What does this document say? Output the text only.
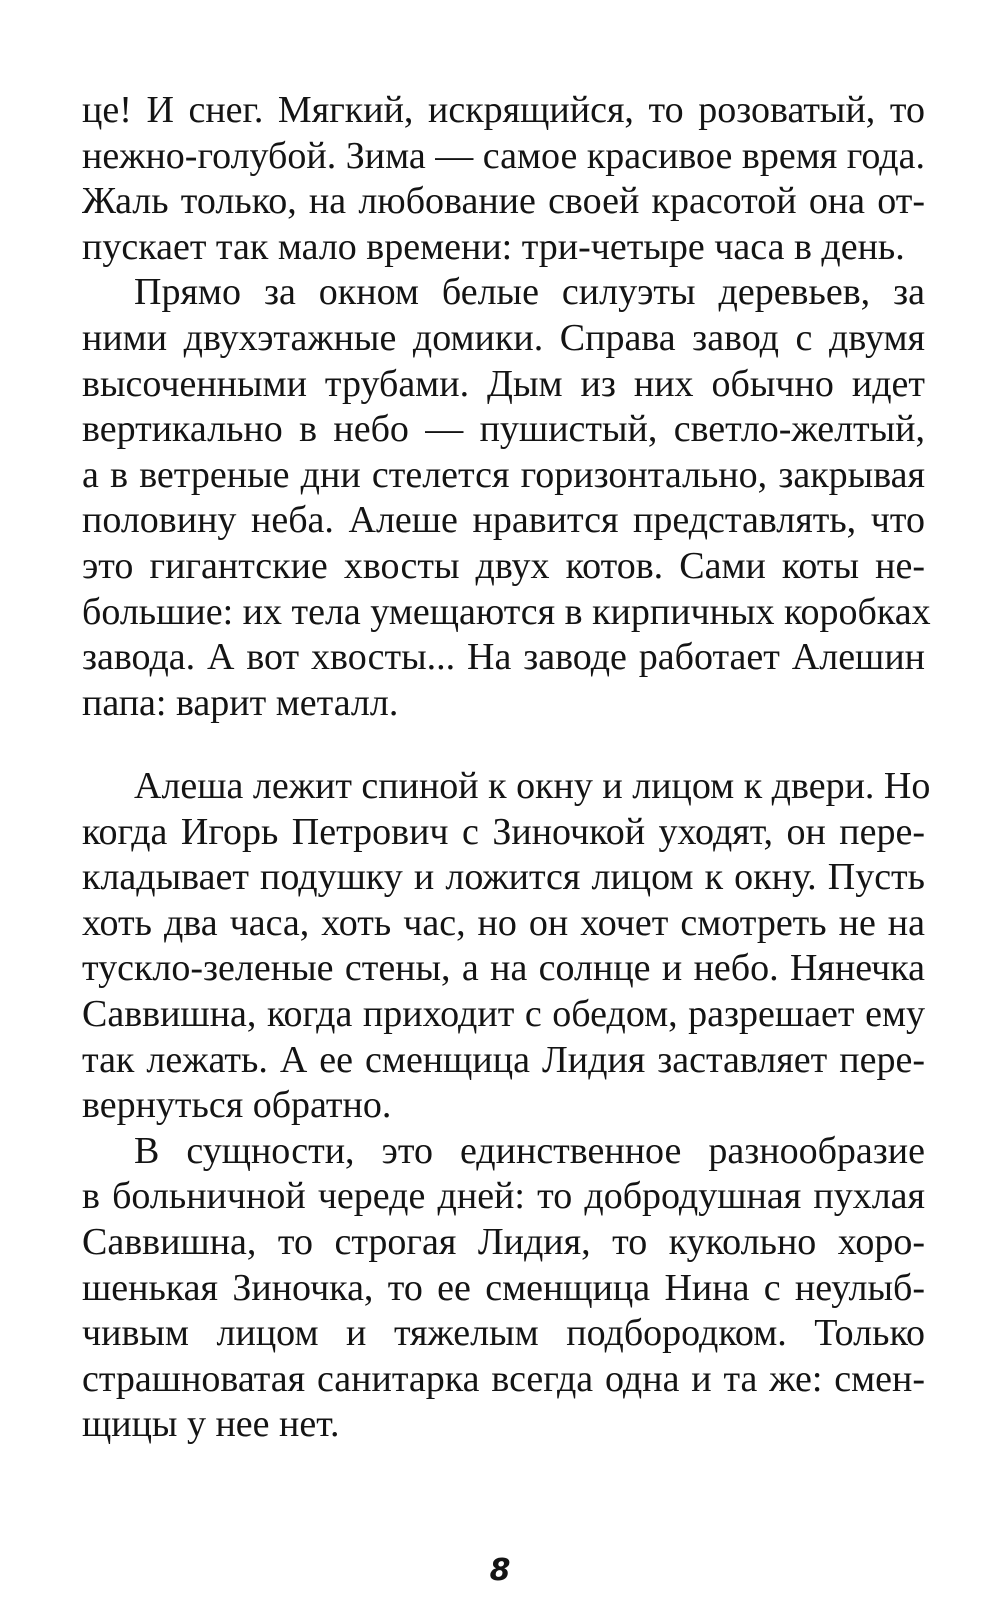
це! И снег. Мягкий, искрящийся, то розоватый, то
нежно-голубой. Зима — самое красивое время года.
Жаль только, на любование своей красотой она от-
пускает так мало времени: три-четыре часа в день.
Прямо за окном белые силуэты деревьев, за
ними двухэтажные домики. Справа завод с двумя
высоченными трубами. Дым из них обычно идет
вертикально в небо — пушистый, светло-желтый,
а в ветреные дни стелется горизонтально, закрывая
половину неба. Алеше нравится представлять, что
это гигантские хвосты двух котов. Сами коты не-
большие: их тела умещаются в кирпичных коробках
завода. А вот хвосты... На заводе работает Алешин
папа: варит металл.
Алеша лежит спиной к окну и лицом к двери. Но
когда Игорь Петрович с Зиночкой уходят, он пере-
кладывает подушку и ложится лицом к окну. Пусть
хоть два часа, хоть час, но он хочет смотреть не на
тускло-зеленые стены, а на солнце и небо. Нянечка
Саввишна, когда приходит с обедом, разрешает ему
так лежать. А ее сменщица Лидия заставляет пере-
вернуться обратно.
В сущности, это единственное разнообразие
в больничной череде дней: то добродушная пухлая
Саввишна, то строгая Лидия, то кукольно хоро-
шенькая Зиночка, то ее сменщица Нина с неулыб-
чивым лицом и тяжелым подбородком. Только
страшноватая санитарка всегда одна и та же: смен-
щицы у нее нет.
8
